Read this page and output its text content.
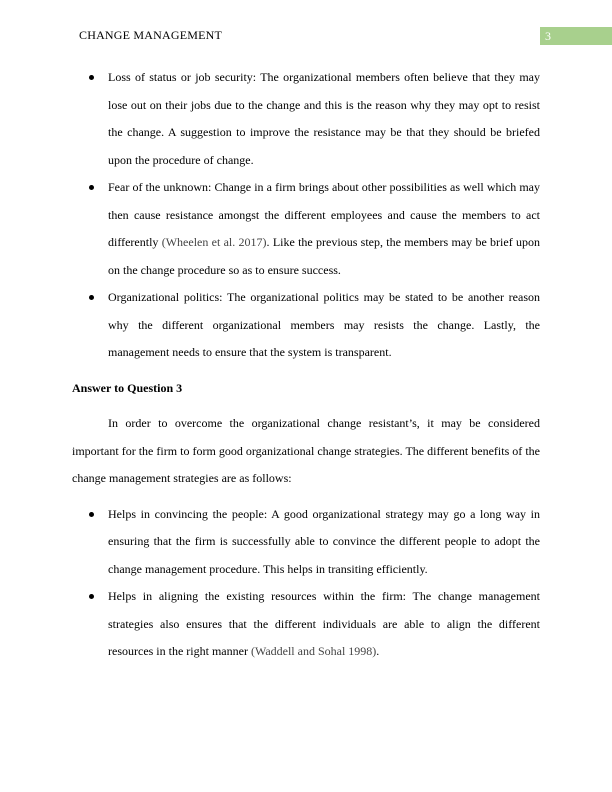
CHANGE MANAGEMENT	3
Loss of status or job security: The organizational members often believe that they may lose out on their jobs due to the change and this is the reason why they may opt to resist the change. A suggestion to improve the resistance may be that they should be briefed upon the procedure of change.
Fear of the unknown: Change in a firm brings about other possibilities as well which may then cause resistance amongst the different employees and cause the members to act differently (Wheelen et al. 2017). Like the previous step, the members may be brief upon on the change procedure so as to ensure success.
Organizational politics: The organizational politics may be stated to be another reason why the different organizational members may resists the change. Lastly, the management needs to ensure that the system is transparent.
Answer to Question 3
In order to overcome the organizational change resistant’s, it may be considered important for the firm to form good organizational change strategies. The different benefits of the change management strategies are as follows:
Helps in convincing the people: A good organizational strategy may go a long way in ensuring that the firm is successfully able to convince the different people to adopt the change management procedure. This helps in transiting efficiently.
Helps in aligning the existing resources within the firm: The change management strategies also ensures that the different individuals are able to align the different resources in the right manner (Waddell and Sohal 1998).
